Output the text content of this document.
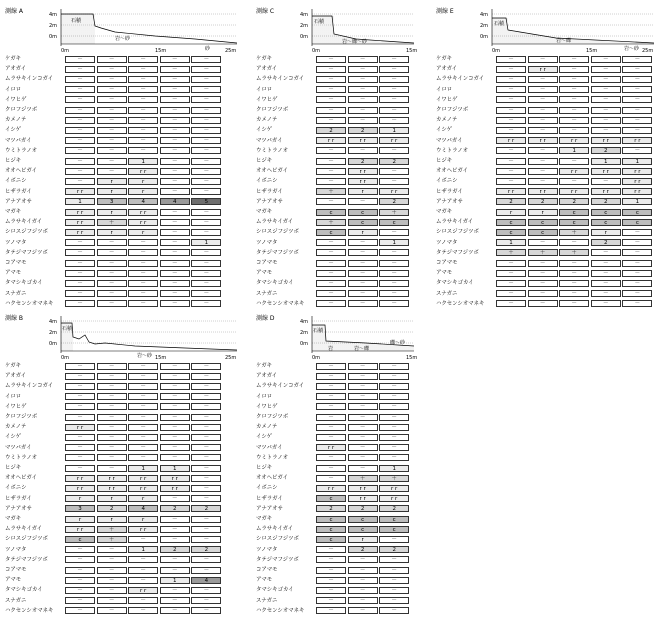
測線 A	4m
2m
0m
石積
岩～砂
砂
0m	15m	25m
ケガキ	－	－	－	－	－
アオガイ	－	－	－	－	－
ムラサキインコガイ	－	－	－	－	－
イロロ	－	－	－	－	－
イワヒゲ	－	－	－	－	－
クロフジツボ	－	－	－	－	－
カメノテ	－	－	－	－	－
イシゲ	－	－	－	－	－
マツバガイ	－	－	－	－	－
ウミトラノオ	－	－	－	－	－
ヒジキ	－	－	1	－	－
オオヘビガイ	－	－	r r	－	－
イボニシ	－	r	r	－	－
ヒザラガイ	r r	r	r	－	－
アナアオサ	1	3	4	4	5
マガキ	r r	r	r r	－	－
ムラサキイガイ	r r	＋	r r	－	－
シロスジフジツボ	r r	r	r	－	－
ツノマタ	－	－	－	－	1
タテジマフジツボ	－	－	－	－	－
コアマモ	－	－	－	－	－
アマモ	－	－	－	－	－
タマシキゴカイ	－	－	－	－	－
スナガニ	－	－	－	－	－
ハクセンシオマネキ	－	－	－	－	－
測線 C	4m
2m
0m
石積
岩～礫～砂
0m	15m
ケガキ	－	－	－
アオガイ	－	－	－
ムラサキインコガイ	－	－	－
イロロ	－	－	－
イワヒゲ	－	－	－
クロフジツボ	－	－	－
カメノテ	－	－	－
イシゲ	2	2	1
マツバガイ	r r	r r	r r
ウミトラノオ	－	－	－
ヒジキ	－	2	2
オオヘビガイ	－	r r	－
イボニシ	－	r r	－
ヒザラガイ	＋	r	r r
アナアオサ	－	－	2
マガキ	c	c	＋
ムラサキイガイ	＋	c	c
シロスジフジツボ	c	r	－
ツノマタ	－	－	1
タテジマフジツボ	－	－	－
コアマモ	－	－	－
アマモ	－	－	－
タマシキゴカイ	－	－	－
スナガニ	－	－	－
ハクセンシオマネキ	－	－	－
測線 E	4m
2m
0m
石積
岩～礫
岩～砂
0m	15m	25m
ケガキ	－	－	－	－	－
アオガイ	－	r r	－	－	－
ムラサキインコガイ	－	－	－	－	－
イロロ	－	－	－	－	－
イワヒゲ	－	－	－	－	－
クロフジツボ	－	－	－	－	－
カメノテ	－	－	－	－	－
イシゲ	－	－	－	－	－
マツバガイ	r r	r r	r r	r r	r r
ウミトラノオ	－	－	1	2	－
ヒジキ	－	－	－	1	1
オオヘビガイ	－	－	r r	r r	r r
イボニシ	－	－	－	－	r r
ヒザラガイ	r r	r r	r r	r r	r r
アナアオサ	2	2	2	2	1
マガキ	r	r	c	c	c
ムラサキイガイ	c	c	c	c	c
シロスジフジツボ	c	c	＋	r	－
ツノマタ	1	－	－	2	－
タテジマフジツボ	＋	＋	＋	－	－
コアマモ	－	－	－	－	－
アマモ	－	－	－	－	－
タマシキゴカイ	－	－	－	－	－
スナガニ	－	－	－	－	－
ハクセンシオマネキ	－	－	－	－	－
測線 B	4m
2m
0m
石積
岩～砂
0m	15m	25m
ケガキ	－	－	－	－	－
アオガイ	－	－	－	－	－
ムラサキインコガイ	－	－	－	－	－
イロロ	－	－	－	－	－
イワヒゲ	－	－	－	－	－
クロフジツボ	－	－	－	－	－
カメノテ	r r	－	－	－	－
イシゲ	－	－	－	－	－
マツバガイ	－	－	－	－	－
ウミトラノオ	－	－	－	－	－
ヒジキ	－	－	1	1	－
オオヘビガイ	r r	r r	r r	r r	－
イボニシ	r r	r r	r r	r r	－
ヒザラガイ	r	r	r	－	－
アナアオサ	3	2	4	2	2
マガキ	r	r	r	－	－
ムラサキイガイ	r r	＋	r r	－	－
シロスジフジツボ	c	＋	－	－	－
ツノマタ	－	－	1	2	2
タテジマフジツボ	－	－	－	－	－
コアマモ	－	－	－	－	－
アマモ	－	－	－	1	4
タマシキゴカイ	－	－	r r	－	－
スナガニ	－	－	－	－	－
ハクセンシオマネキ	－	－	－	－	－
測線 D	4m
2m
0m
石積
岩	岩～礫
礫～砂
0m	15m
ケガキ	－	－	－
アオガイ	－	－	－
ムラサキインコガイ	－	－	－
イロロ	－	－	－
イワヒゲ	－	－	－
クロフジツボ	－	－	－
カメノテ	－	－	－
イシゲ	－	－	－
マツバガイ	r r	－	－
ウミトラノオ	－	－	－
ヒジキ	－	－	1
オオヘビガイ	－	＋	＋
イボニシ	r r	r r	r r
ヒザラガイ	c	r r	r r
アナアオサ	2	2	2
マガキ	c	c	c
ムラサキイガイ	c	c	c
シロスジフジツボ	c	r	－
ツノマタ	－	2	2
タテジマフジツボ	－	－	－
コアマモ	－	－	－
アマモ	－	－	－
タマシキゴカイ	－	－	－
スナガニ	－	－	－
ハクセンシオマネキ	－	－	－
